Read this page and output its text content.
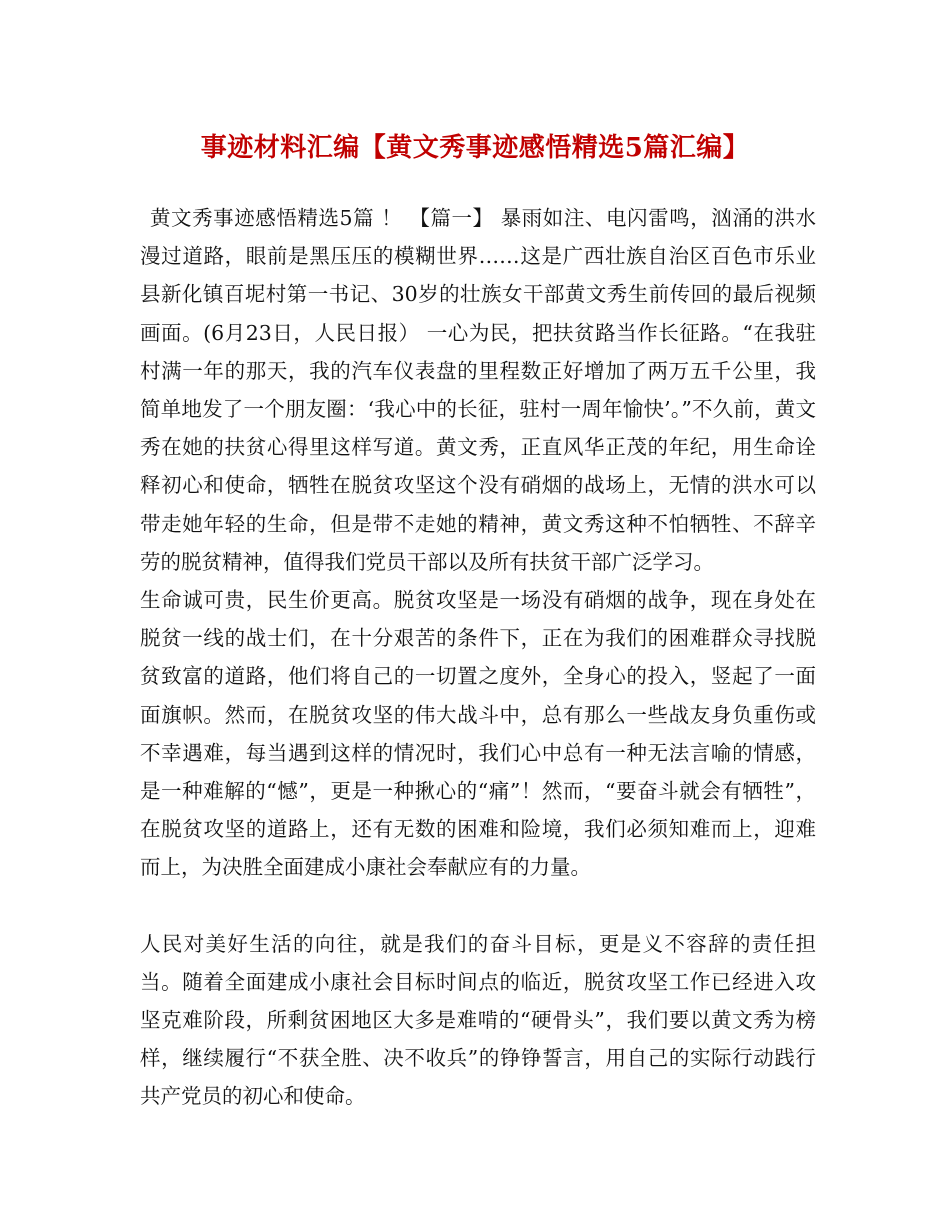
事迹材料汇编【黄文秀事迹感悟精选5篇汇编】

黄文秀事迹感悟精选5篇 ！ 【篇一】 暴雨如注、电闪雷鸣，汹涌的洪水漫过道路，眼前是黑压压的模糊世界……这是广西壮族自治区百色市乐业县新化镇百坭村第一书记、30岁的壮族女干部黄文秀生前传回的最后视频画面。(6月23日，人民日报） 一心为民，把扶贫路当作长征路。“在我驻村满一年的那天，我的汽车仪表盘的里程数正好增加了两万五千公里，我简单地发了一个朋友圈：‘我心中的长征，驻村一周年愉快’。”不久前，黄文秀在她的扶贫心得里这样写道。黄文秀，正直风华正茂的年纪，用生命诠释初心和使命，牺牲在脱贫攻坚这个没有硝烟的战场上，无情的洪水可以带走她年轻的生命，但是带不走她的精神，黄文秀这种不怕牺牲、不辞辛劳的脱贫精神，值得我们党员干部以及所有扶贫干部广泛学习。

生命诚可贵，民生价更高。脱贫攻坚是一场没有硝烟的战争，现在身处在脱贫一线的战士们，在十分艰苦的条件下，正在为我们的困难群众寻找脱贫致富的道路，他们将自己的一切置之度外，全身心的投入，竖起了一面面旗帜。然而，在脱贫攻坚的伟大战斗中，总有那么一些战友身负重伤或不幸遇难，每当遇到这样的情况时，我们心中总有一种无法言喻的情感，是一种难解的“憾”，更是一种揪心的“痛”！然而，“要奋斗就会有牺牲”，在脱贫攻坚的道路上，还有无数的困难和险境，我们必须知难而上，迎难而上，为决胜全面建成小康社会奉献应有的力量。

人民对美好生活的向往，就是我们的奋斗目标，更是义不容辞的责任担当。随着全面建成小康社会目标时间点的临近，脱贫攻坚工作已经进入攻坚克难阶段，所剩贫困地区大多是难啃的“硬骨头”，我们要以黄文秀为榜样，继续履行“不获全胜、决不收兵”的铮铮誓言，用自己的实际行动践行共产党员的初心和使命。
